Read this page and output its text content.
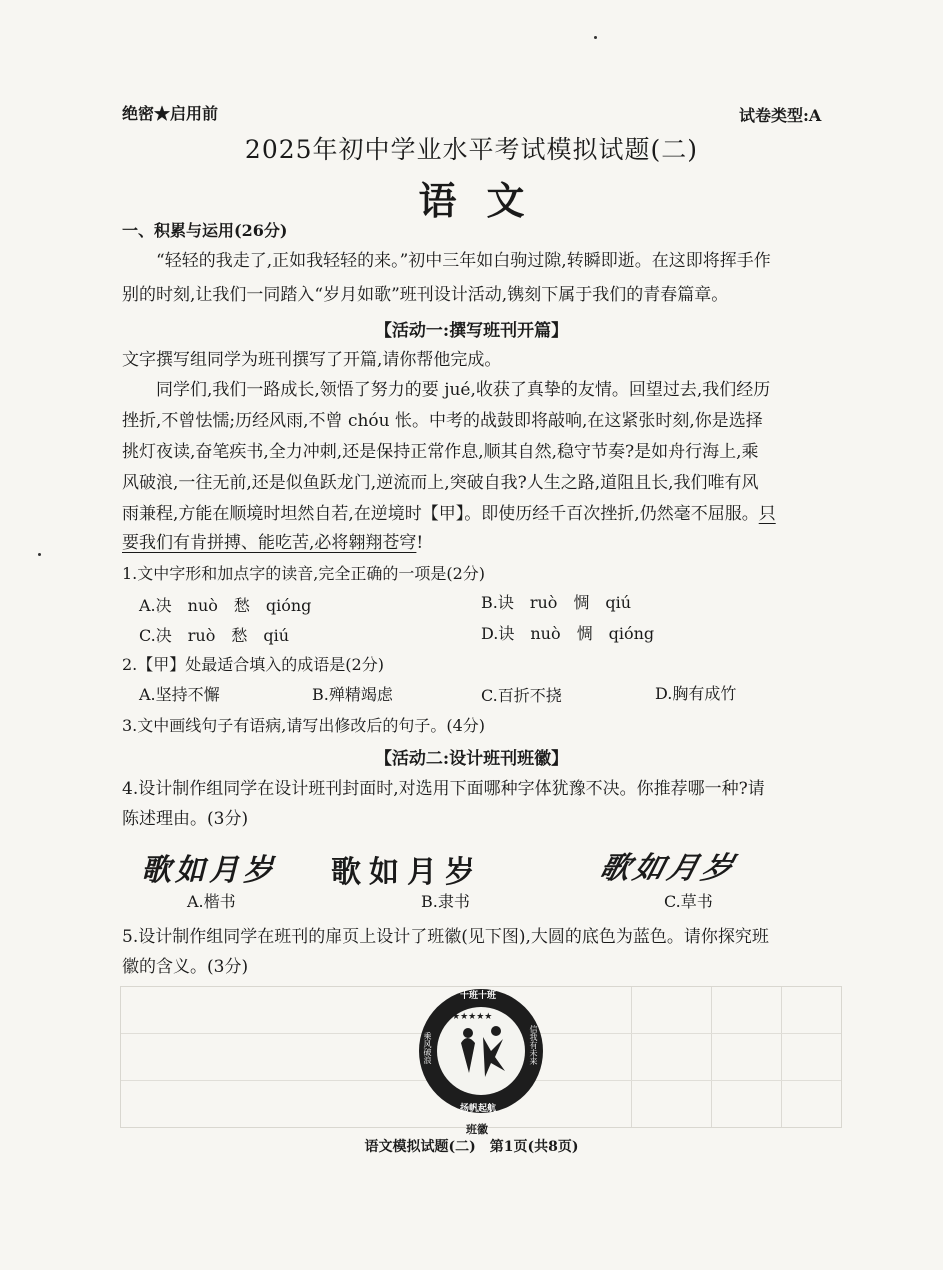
绝密★启用前	试卷类型:A
2025年初中学业水平考试模拟试题(二)
语文
一、积累与运用(26分)
“轻轻的我走了,正如我轻轻的来。”初中三年如白驹过隙,转瞬即逝。在这即将挥手作
别的时刻,让我们一同踏入“岁月如歌”班刊设计活动,镌刻下属于我们的青春篇章。
【活动一:撰写班刊开篇】
文字撰写组同学为班刊撰写了开篇,请你帮他完成。
同学们,我们一路成长,领悟了努力的要 jué,收获了真挚的友情。回望过去,我们经历
挫折,不曾怯懦;历经风雨,不曾 chóu 怅。中考的战鼓即将敲响,在这紧张时刻,你是选择
挑灯夜读,奋笔疾书,全力冲刺,还是保持正常作息,顺其自然,稳守节奏?是如舟行海上,乘
风破浪,一往无前,还是似鱼跃龙门,逆流而上,突破自我?人生之路,道阻且长,我们唯有风
雨兼程,方能在顺境时坦然自若,在逆境时【甲】。即使历经千百次挫折,仍然毫不屈服。只
要我们有肯拼搏、能吃苦,必将翱翔苍穹!
1.文中字形和加点字的读音,完全正确的一项是(2分)
A.决　nuò　愁　qióng	B.诀　ruò　惆　qiú
C.决　ruò　愁　qiú	D.诀　nuò　惆　qióng
2.【甲】处最适合填入的成语是(2分)
A.坚持不懈	B.殚精竭虑	C.百折不挠	D.胸有成竹
3.文中画线句子有语病,请写出修改后的句子。(4分)
【活动二:设计班刊班徽】
4.设计制作组同学在设计班刊封面时,对选用下面哪种字体犹豫不决。你推荐哪一种?请
陈述理由。(3分)
歌如月岁 歌如月岁	歌如月岁
A.楷书	B.隶书	C.草书
5.设计制作组同学在班刊的扉页上设计了班徽(见下图),大圆的底色为蓝色。请你探究班
徽的含义。(3分)
★★★★★
十班十班
乘风破浪	信我有未来
扬帆起航
班徽
语文模拟试题(二)　第1页(共8页)
